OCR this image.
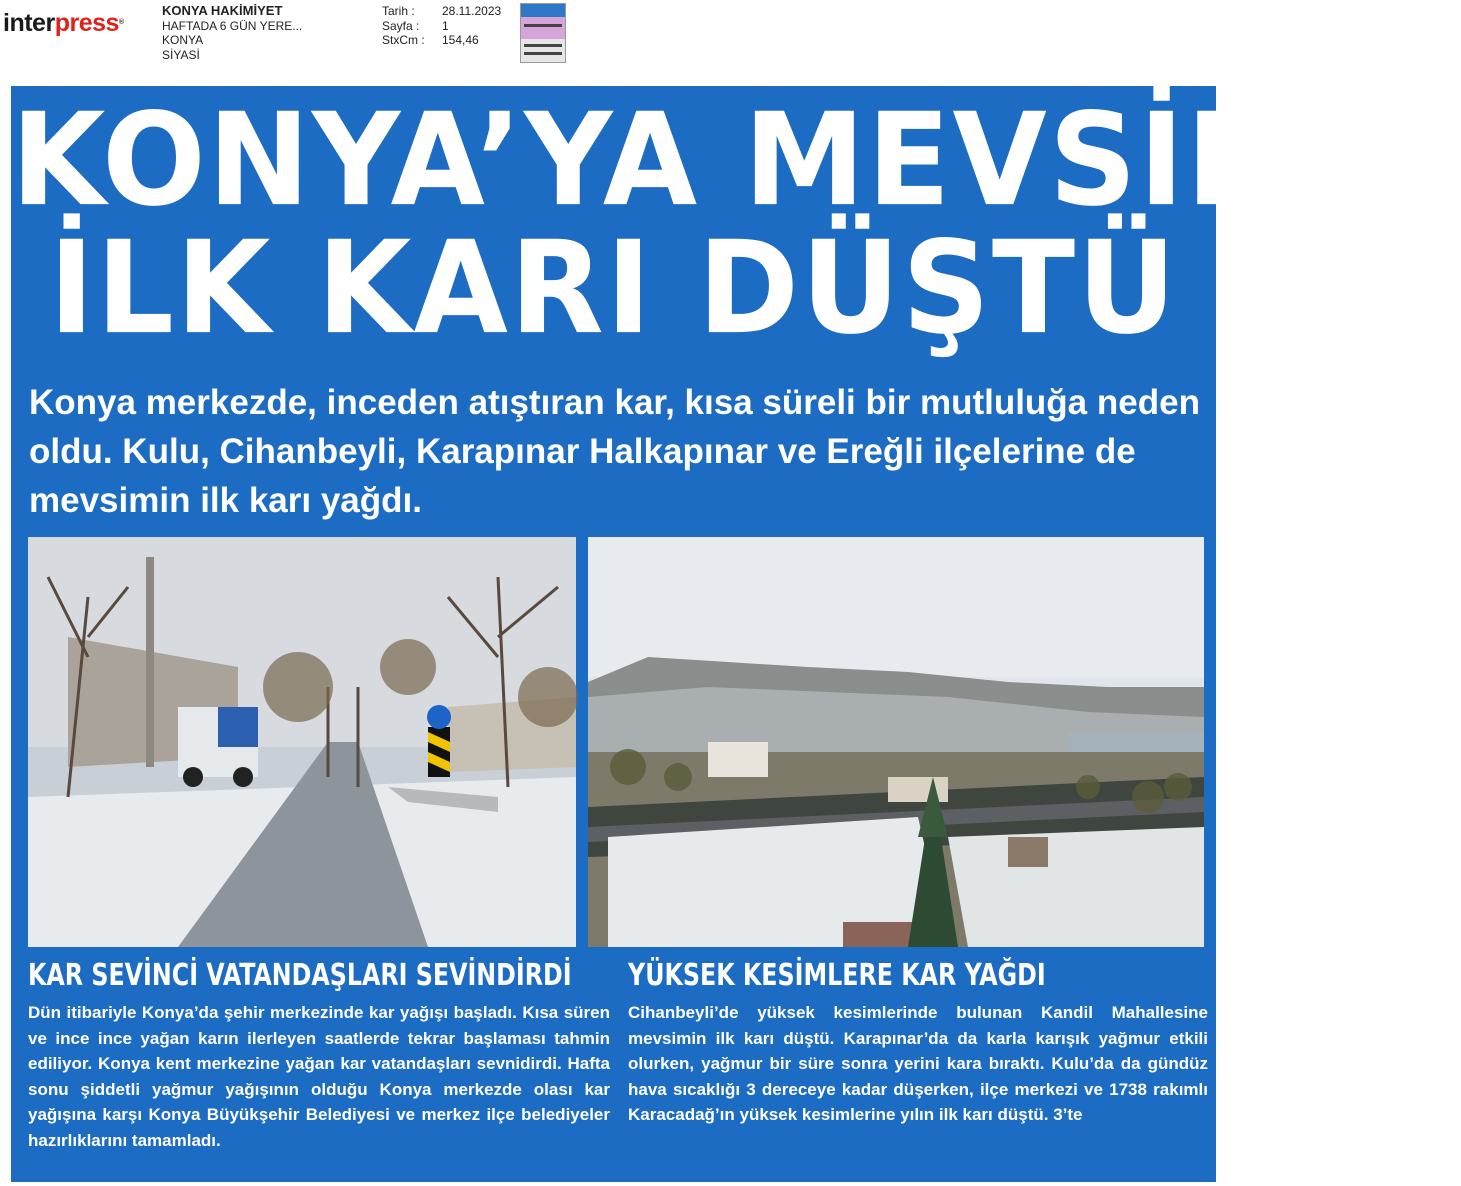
interpress®
KONYA HAKİMİYET
HAFTADA 6 GÜN YERE...
KONYA
SİYASİ
Tarih :	28.11.2023
Sayfa :	1
StxCm :	154,46
KONYA’YA MEVSİMİN
İLK KARI DÜŞTÜ
Konya merkezde, inceden atıştıran kar, kısa süreli bir mutluluğa neden oldu. Kulu, Cihanbeyli, Karapınar Halkapınar ve Ereğli ilçelerine de mevsimin ilk karı yağdı.
KAR SEVİNCİ VATANDAŞLARI SEVİNDİRDİ YÜKSEK KESİMLERE KAR YAĞDI
Dün itibariyle Konya’da şehir merkezinde kar yağışı başladı. Kısa süren ve ince ince yağan karın ilerleyen saatlerde tekrar başlaması tahmin ediliyor. Konya kent merkezine yağan kar vatandaşları sevnidirdi. Hafta sonu şiddetli yağmur yağışının olduğu Konya merkezde olası kar yağışına karşı Konya Büyükşehir Belediyesi ve merkez ilçe belediyeler hazırlıklarını tamamladı.
Cihanbeyli’de yüksek kesimlerinde bulunan Kandil Mahallesine mevsimin ilk karı düştü. Karapınar’da da karla karışık yağmur etkili olurken, yağmur bir süre sonra yerini kara bıraktı. Kulu’da da gündüz hava sıcaklığı 3 dereceye kadar düşerken, ilçe merkezi ve 1738 rakımlı Karacadağ’ın yüksek kesimlerine yılın ilk karı düştü. 3’te
